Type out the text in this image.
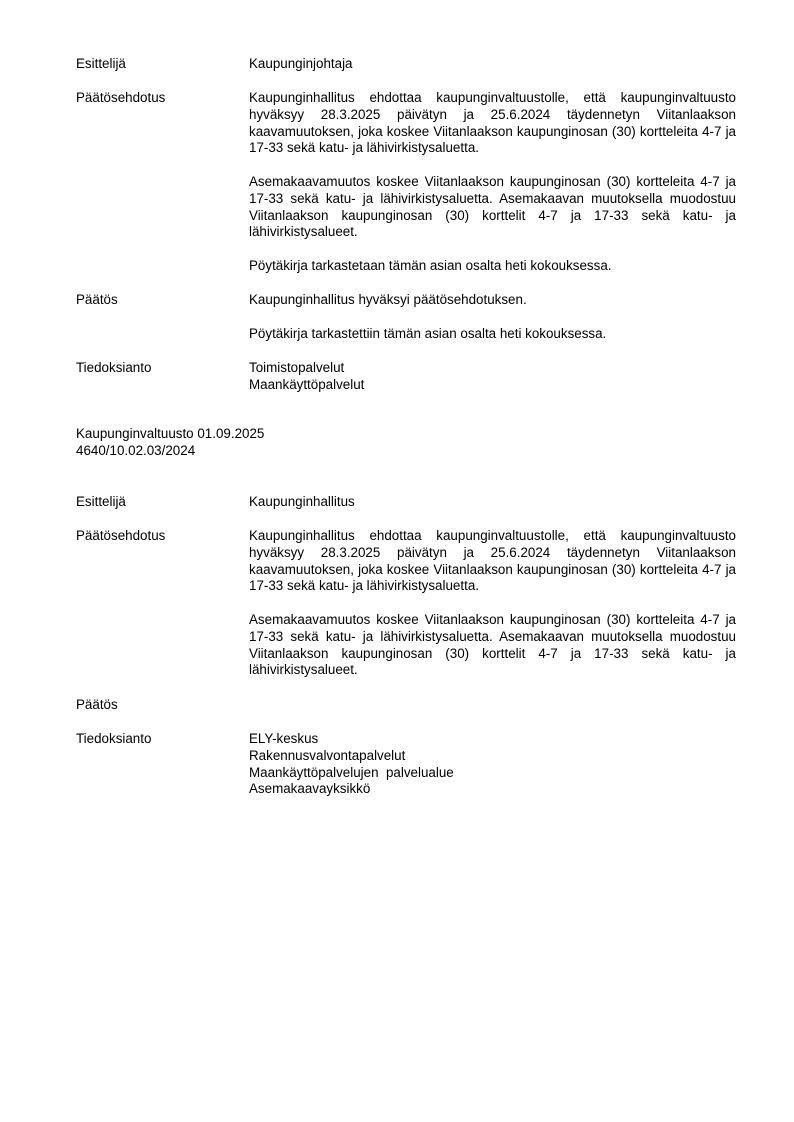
Esittelijä	Kaupunginjohtaja
Päätösehdotus	Kaupunginhallitus ehdottaa kaupunginvaltuustolle, että kaupunginvaltuusto hyväksyy 28.3.2025 päivätyn ja 25.6.2024 täydennetyn Viitanlaakson kaavamuutoksen, joka koskee Viitanlaakson kaupunginosan (30) kortteleita 4-7 ja 17-33 sekä katu- ja lähivirkistysaluetta.

Asemakaavamuutos koskee Viitanlaakson kaupunginosan (30) kortteleita 4-7 ja 17-33 sekä katu- ja lähivirkistysaluetta. Asemakaavan muutoksella muodostuu Viitanlaakson kaupunginosan (30) korttelit 4-7 ja 17-33 sekä katu- ja lähivirkistysalueet.

Pöytäkirja tarkastetaan tämän asian osalta heti kokouksessa.

Päätös	Kaupunginhallitus hyväksyi päätösehdotuksen.

Pöytäkirja tarkastettiin tämän asian osalta heti kokouksessa.

Tiedoksianto	Toimistopalvelut
Maankäyttöpalvelut
Kaupunginvaltuusto 01.09.2025
4640/10.02.03/2024
Esittelijä	Kaupunginhallitus
Päätösehdotus	Kaupunginhallitus ehdottaa kaupunginvaltuustolle, että kaupunginvaltuusto hyväksyy 28.3.2025 päivätyn ja 25.6.2024 täydennetyn Viitanlaakson kaavamuutoksen, joka koskee Viitanlaakson kaupunginosan (30) kortteleita 4-7 ja 17-33 sekä katu- ja lähivirkistysaluetta.

Asemakaavamuutos koskee Viitanlaakson kaupunginosan (30) kortteleita 4-7 ja 17-33 sekä katu- ja lähivirkistysaluetta. Asemakaavan muutoksella muodostuu Viitanlaakson kaupunginosan (30) korttelit 4-7 ja 17-33 sekä katu- ja lähivirkistysalueet.

Päätös
Tiedoksianto	ELY-keskus
Rakennusvalvontapalvelut
Maankäyttöpalvelujen  palvelualue
Asemakaavayksikkö
